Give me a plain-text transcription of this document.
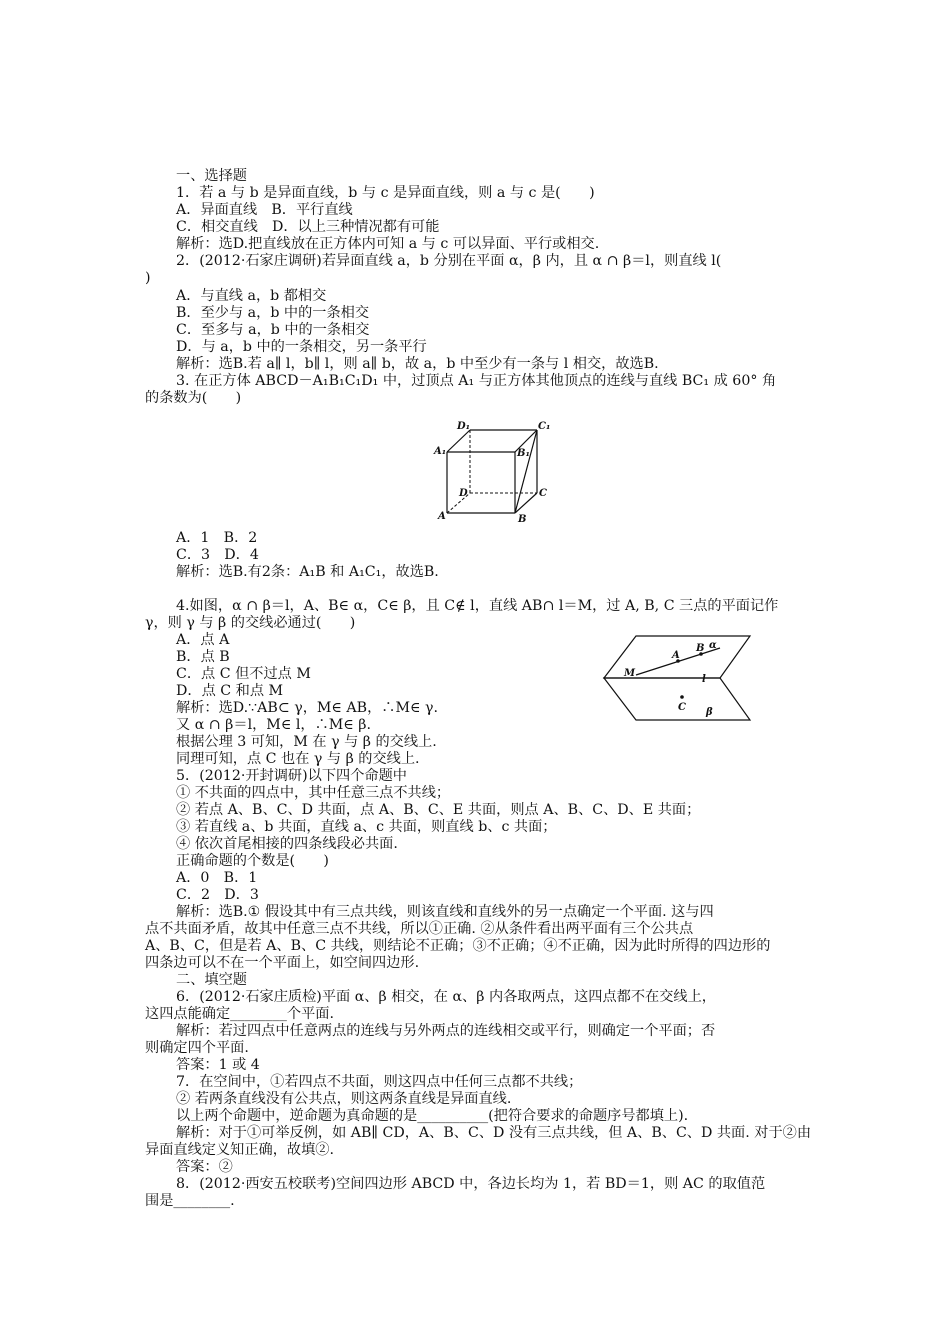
一、选择题
1．若 a 与 b 是异面直线，b 与 c 是异面直线，则 a 与 c 是(　　)
A．异面直线　B．平行直线
C．相交直线　D．以上三种情况都有可能
解析：选D.把直线放在正方体内可知 a 与 c 可以异面、平行或相交.
2．(2012·石家庄调研)若异面直线 a，b 分别在平面 α，β 内，且 α ∩ β＝l，则直线 l(
)
A．与直线 a，b 都相交
B．至少与 a，b 中的一条相交
C．至多与 a，b 中的一条相交
D．与 a，b 中的一条相交，另一条平行
解析：选B.若 a∥ l，b∥ l，则 a∥ b，故 a，b 中至少有一条与 l 相交，故选B.
3. 在正方体 ABCD－A₁B₁C₁D₁ 中，过顶点 A₁ 与正方体其他顶点的连线与直线 BC₁ 成 60° 角
的条数为(　　)
D₁	C₁
A₁	B₁
D	C
A	B
A．1　B．2
C．3　D．4
解析：选B.有2条：A₁B 和 A₁C₁，故选B.
4.如图，α ∩ β＝l，A、B∈ α，C∈ β，且 C∉ l，直线 AB∩ l＝M，过 A, B, C 三点的平面记作
γ，则 γ 与 β 的交线必通过(　　)
A．点 A
B．点 B
C．点 C 但不过点 M
D．点 C 和点 M
解析：选D.∵AB⊂ γ，M∈ AB，∴M∈ γ.
又 α ∩ β＝l，M∈ l，∴M∈ β.
根据公理 3 可知，M 在 γ 与 β 的交线上.
同理可知，点 C 也在 γ 与 β 的交线上.
M
A
B α
l
C β
5．(2012·开封调研)以下四个命题中
① 不共面的四点中，其中任意三点不共线；
② 若点 A、B、C、D 共面，点 A、B、C、E 共面，则点 A、B、C、D、E 共面；
③ 若直线 a、b 共面，直线 a、c 共面，则直线 b、c 共面；
④ 依次首尾相接的四条线段必共面.
正确命题的个数是(　　)
A．0　B．1
C．2　D．3
解析：选B.① 假设其中有三点共线，则该直线和直线外的另一点确定一个平面. 这与四
点不共面矛盾，故其中任意三点不共线，所以①正确. ②从条件看出两平面有三个公共点
A、B、C，但是若 A、B、C 共线，则结论不正确；③不正确；④不正确，因为此时所得的四边形的
四条边可以不在一个平面上，如空间四边形.
二、填空题
6．(2012·石家庄质检)平面 α、β 相交，在 α、β 内各取两点，这四点都不在交线上，
这四点能确定________个平面.
解析：若过四点中任意两点的连线与另外两点的连线相交或平行，则确定一个平面；否
则确定四个平面.
答案：1 或 4
7．在空间中，①若四点不共面，则这四点中任何三点都不共线；
② 若两条直线没有公共点，则这两条直线是异面直线.
以上两个命题中，逆命题为真命题的是__________(把符合要求的命题序号都填上).
解析：对于①可举反例，如 AB∥ CD，A、B、C、D 没有三点共线，但 A、B、C、D 共面. 对于②由
异面直线定义知正确，故填②.
答案：②
8．(2012·西安五校联考)空间四边形 ABCD 中，各边长均为 1，若 BD＝1，则 AC 的取值范
围是________.
